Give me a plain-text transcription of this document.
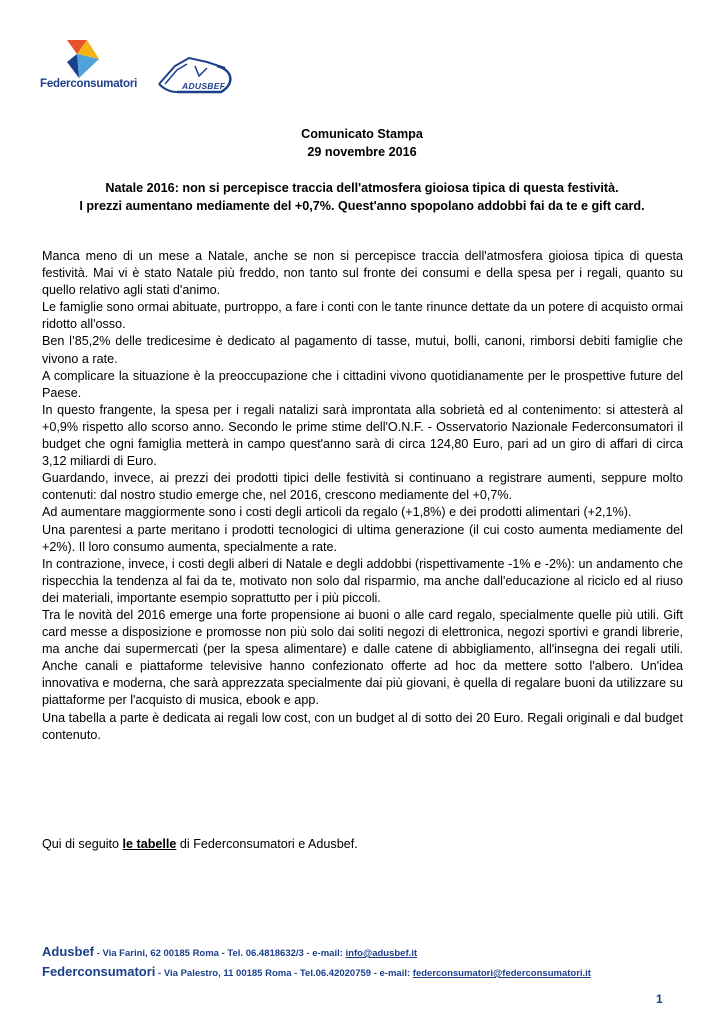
Federconsumatori	ADUSBEF
Comunicato Stampa
29 novembre 2016
Natale 2016: non si percepisce traccia dell'atmosfera gioiosa tipica di questa festività.
I prezzi aumentano mediamente del +0,7%. Quest'anno spopolano addobbi fai da te e gift card.

Manca meno di un mese a Natale, anche se non si percepisce traccia dell'atmosfera gioiosa tipica di questa festività. Mai vi è stato Natale più freddo, non tanto sul fronte dei consumi e della spesa per i regali, quanto su quello relativo agli stati d'animo.

Le famiglie sono ormai abituate, purtroppo, a fare i conti con le tante rinunce dettate da un potere di acquisto ormai ridotto all'osso.

Ben l’85,2% delle tredicesime è dedicato al pagamento di tasse, mutui, bolli, canoni, rimborsi debiti famiglie che vivono a rate.

A complicare la situazione è la preoccupazione che i cittadini vivono quotidianamente per le prospettive future del Paese.

In questo frangente, la spesa per i regali natalizi sarà improntata alla sobrietà ed al contenimento: si attesterà al +0,9% rispetto allo scorso anno. Secondo le prime stime dell'O.N.F. - Osservatorio Nazionale Federconsumatori il budget che ogni famiglia metterà in campo quest'anno sarà di circa 124,80 Euro, pari ad un giro di affari di circa 3,12 miliardi di Euro.

Guardando, invece, ai prezzi dei prodotti tipici delle festività si continuano a registrare aumenti, seppure molto contenuti: dal nostro studio emerge che, nel 2016, crescono mediamente del +0,7%.

Ad aumentare maggiormente sono i costi degli articoli da regalo (+1,8%) e dei prodotti alimentari (+2,1%).

Una parentesi a parte meritano i prodotti tecnologici di ultima generazione (il cui costo aumenta mediamente del +2%). Il loro consumo aumenta, specialmente a rate.

In contrazione, invece, i costi degli alberi di Natale e degli addobbi (rispettivamente -1% e -2%): un andamento che rispecchia la tendenza al fai da te, motivato non solo dal risparmio, ma anche dall'educazione al riciclo ed al riuso dei materiali, importante esempio soprattutto per i più piccoli.

Tra le novità del 2016 emerge una forte propensione ai buoni o alle card regalo, specialmente quelle più utili. Gift card messe a disposizione e promosse non più solo dai soliti negozi di elettronica, negozi sportivi e grandi librerie, ma anche dai supermercati (per la spesa alimentare) e dalle catene di abbigliamento, all'insegna dei regali utili. Anche canali e piattaforme televisive hanno confezionato offerte ad hoc da mettere sotto l'albero. Un'idea innovativa e moderna, che sarà apprezzata specialmente dai più giovani, è quella di regalare buoni da utilizzare su piattaforme per l'acquisto di musica, ebook e app.

Una tabella a parte è dedicata ai regali low cost, con un budget al di sotto dei 20 Euro. Regali originali e dal budget contenuto.

Qui di seguito le tabelle di Federconsumatori e Adusbef.
Adusbef - Via Farini, 62 00185 Roma - Tel. 06.4818632/3 - e-mail: info@adusbef.it
Federconsumatori - Via Palestro, 11 00185 Roma - Tel.06.42020759 - e-mail: federconsumatori@federconsumatori.it
1
